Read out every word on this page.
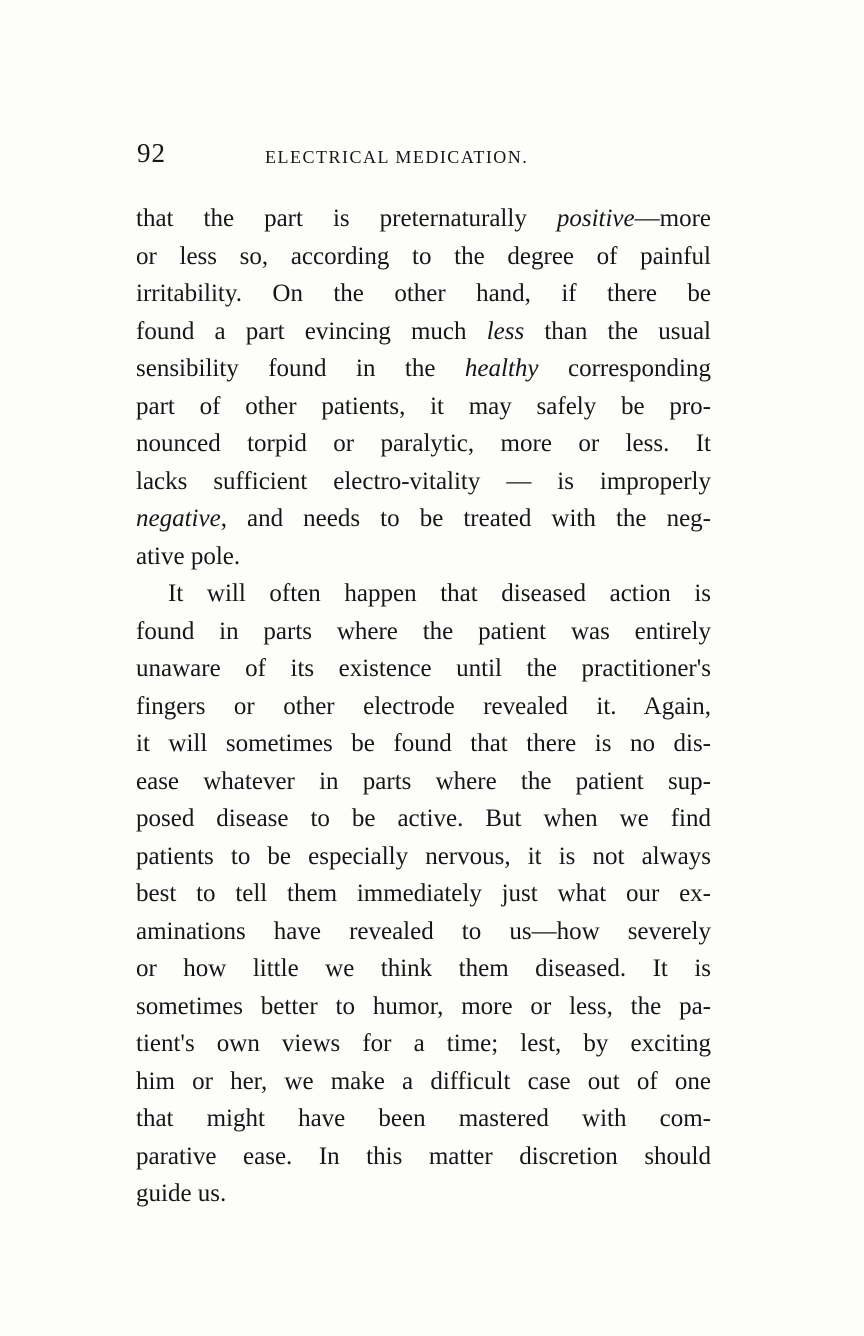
92	ELECTRICAL MEDICATION.

that the part is preternaturally positive—more
or less so, according to the degree of painful
irritability. On the other hand, if there be
found a part evincing much less than the usual
sensibility found in the healthy corresponding
part of other patients, it may safely be pro-
nounced torpid or paralytic, more or less. It
lacks sufficient electro-vitality — is improperly
negative, and needs to be treated with the neg-
ative pole.

It will often happen that diseased action is
found in parts where the patient was entirely
unaware of its existence until the practitioner's
fingers or other electrode revealed it. Again,
it will sometimes be found that there is no dis-
ease whatever in parts where the patient sup-
posed disease to be active. But when we find
patients to be especially nervous, it is not always
best to tell them immediately just what our ex-
aminations have revealed to us—how severely
or how little we think them diseased. It is
sometimes better to humor, more or less, the pa-
tient's own views for a time; lest, by exciting
him or her, we make a difficult case out of one
that might have been mastered with com-
parative ease. In this matter discretion should
guide us.
